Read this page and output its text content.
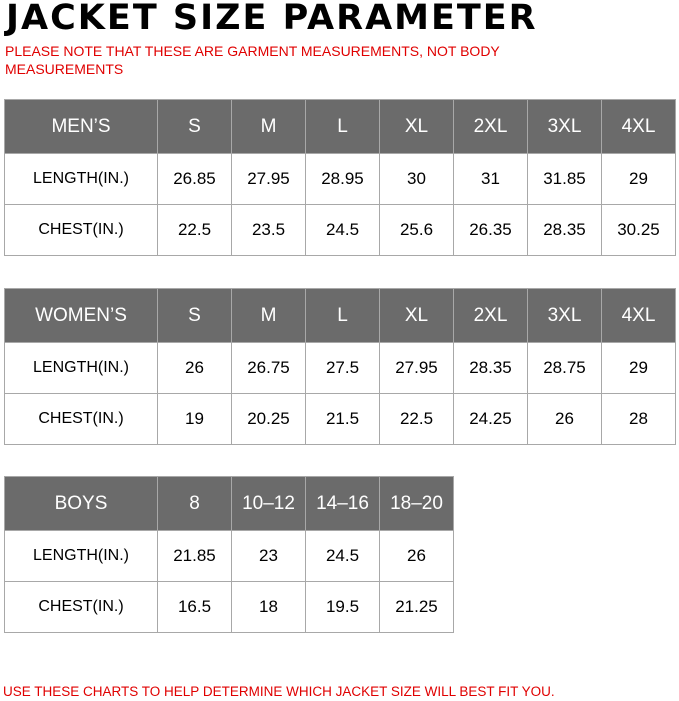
JACKET SIZE PARAMETER
PLEASE NOTE THAT THESE ARE GARMENT MEASUREMENTS, NOT BODY MEASUREMENTS
MEN’S	S	M	L	XL	2XL	3XL	4XL
LENGTH(IN.)	26.85	27.95	28.95	30	31	31.85	29
CHEST(IN.)	22.5	23.5	24.5	25.6	26.35	28.35	30.25
WOMEN’S	S	M	L	XL	2XL	3XL	4XL
LENGTH(IN.)	26	26.75	27.5	27.95	28.35	28.75	29
CHEST(IN.)	19	20.25	21.5	22.5	24.25	26	28
BOYS	8	10–12	14–16	18–20
LENGTH(IN.)	21.85	23	24.5	26
CHEST(IN.)	16.5	18	19.5	21.25
USE THESE CHARTS TO HELP DETERMINE WHICH JACKET SIZE WILL BEST FIT YOU.
